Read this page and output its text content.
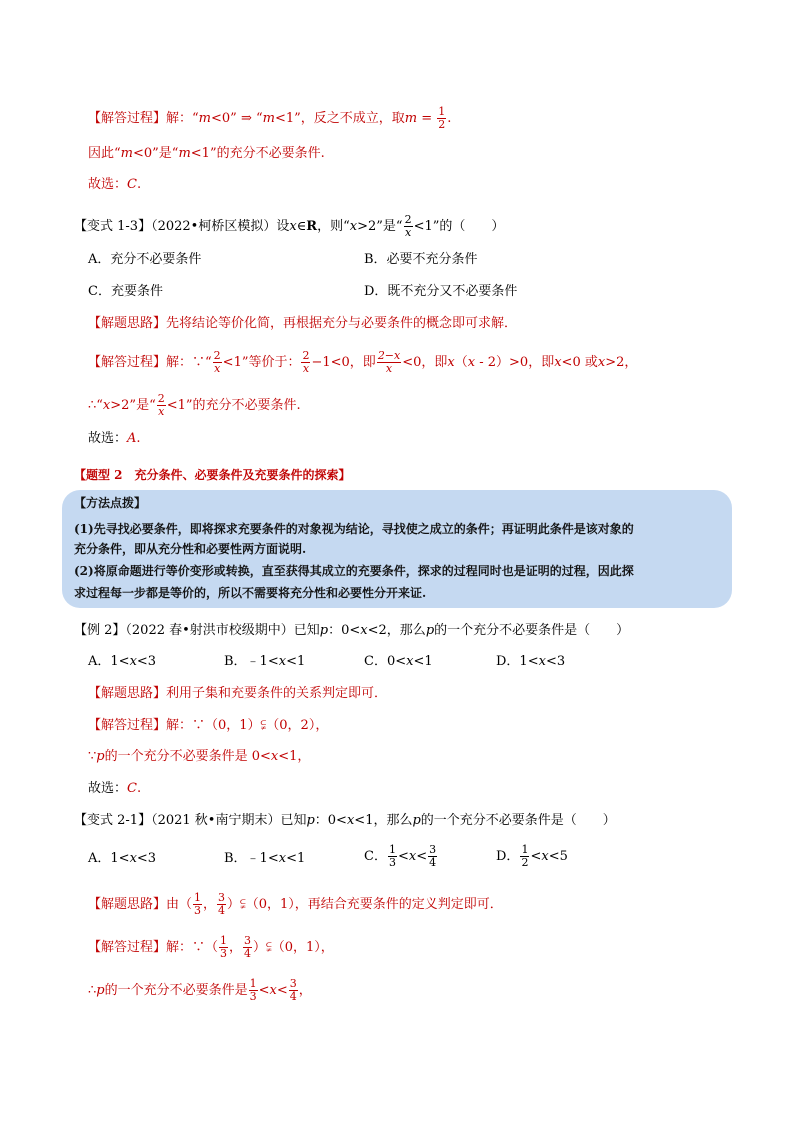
【解答过程】解：“m<0” ⇒ “m<1”，反之不成立，取$m = \frac{1}{2}$ .
因此“m<0”是“m<1”的充分不必要条件.
故选：C.
【变式 1-3】（2022•柯桥区模拟）设x∈R，则“x>2”是“ $\frac{2}{x} <1$”的（　　）
A．充分不必要条件	B．必要不充分条件
C．充要条件	D．既不充分又不必要条件
【解题思路】先将结论等价化简，再根据充分与必要条件的概念即可求解．
【解答过程】解：∵“ $\frac{2}{x} <1$”等价于： $\frac{2}{x} -1<0$，即 $\frac{2-x}{x} <0$，即x（x - 2）>0，即x<0 或x>2，
∴“x>2”是“ $\frac{2}{x} <1$”的充分不必要条件.
故选：A.
【题型 2　充分条件、必要条件及充要条件的探索】
【方法点拨】
(1)先寻找必要条件，即将探求充要条件的对象视为结论，寻找使之成立的条件；再证明此条件是该对象的
充分条件，即从充分性和必要性两方面说明.
(2)将原命题进行等价变形或转换，直至获得其成立的充要条件，探求的过程同时也是证明的过程，因此探
求过程每一步都是等价的，所以不需要将充分性和必要性分开来证.
【例 2】（2022 春•射洪市校级期中）已知p：0<x<2，那么p的一个充分不必要条件是（　　）
A．1<x<3	B．﹣1<x<1	C．0<x<1	D．1<x<3
【解题思路】利用子集和充要条件的关系判定即可．
【解答过程】解：∵（0，1）⫋（0，2），
∵p的一个充分不必要条件是 0<x<1，
故选：C.
【变式 2-1】（2021 秋•南宁期末）已知p：0<x<1，那么p的一个充分不必要条件是（　　）
A．1<x<3	B．﹣1<x<1	C． $\frac{1}{3} <x< \frac{3}{4}$	D． $\frac{1}{2} <x<5$
【解题思路】由（ $\frac{1}{3}$ ， $\frac{3}{4}$ ）⫋（0，1），再结合充要条件的定义判定即可．
【解答过程】解：∵（ $\frac{1}{3}$ ， $\frac{3}{4}$ ）⫋（0，1），
∴p的一个充分不必要条件是 $\frac{1}{3} <x< \frac{3}{4}$ ，
